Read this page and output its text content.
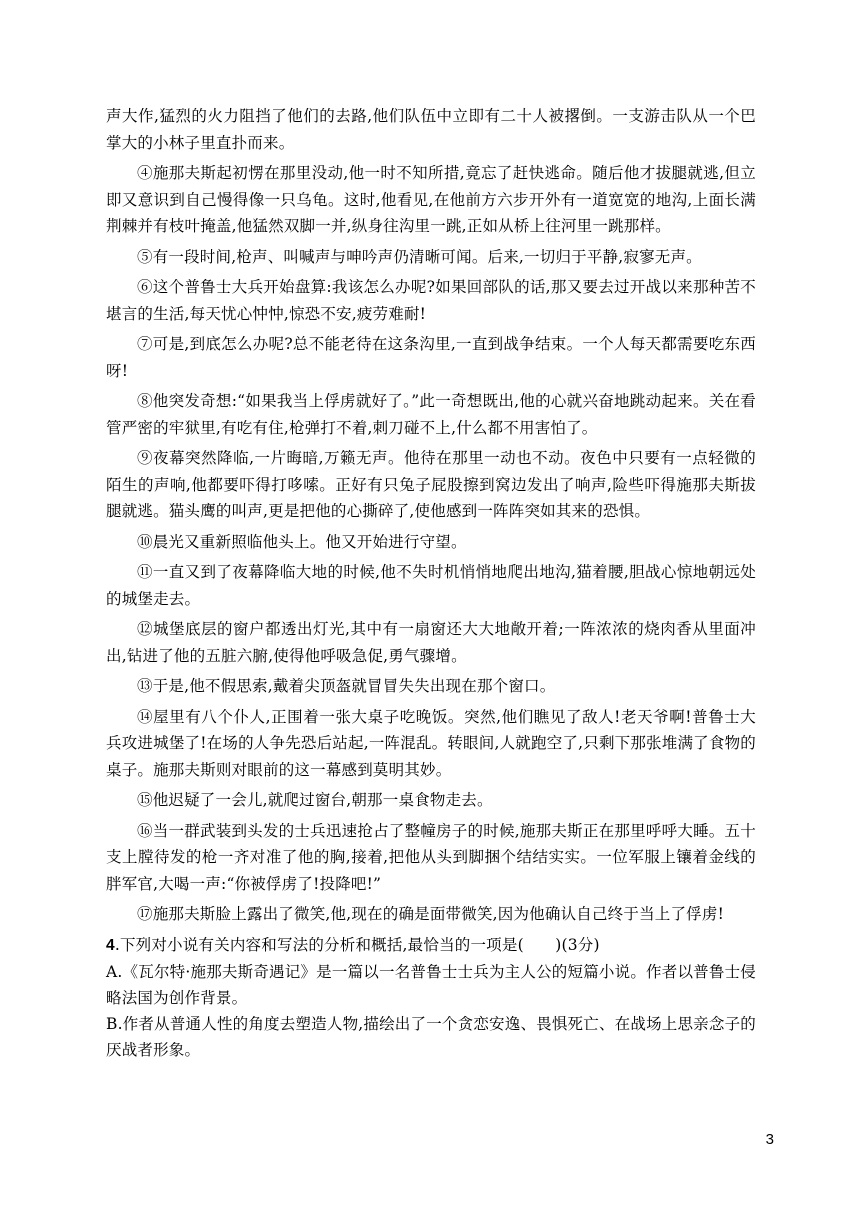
声大作,猛烈的火力阻挡了他们的去路,他们队伍中立即有二十人被撂倒。一支游击队从一个巴掌大的小林子里直扑而来。

④施那夫斯起初愣在那里没动,他一时不知所措,竟忘了赶快逃命。随后他才拔腿就逃,但立即又意识到自己慢得像一只乌龟。这时,他看见,在他前方六步开外有一道宽宽的地沟,上面长满荆棘并有枝叶掩盖,他猛然双脚一并,纵身往沟里一跳,正如从桥上往河里一跳那样。

⑤有一段时间,枪声、叫喊声与呻吟声仍清晰可闻。后来,一切归于平静,寂寥无声。

⑥这个普鲁士大兵开始盘算:我该怎么办呢?如果回部队的话,那又要去过开战以来那种苦不堪言的生活,每天忧心忡忡,惊恐不安,疲劳难耐!

⑦可是,到底怎么办呢?总不能老待在这条沟里,一直到战争结束。一个人每天都需要吃东西呀!

⑧他突发奇想:“如果我当上俘虏就好了。”此一奇想既出,他的心就兴奋地跳动起来。关在看管严密的牢狱里,有吃有住,枪弹打不着,刺刀碰不上,什么都不用害怕了。

⑨夜幕突然降临,一片晦暗,万籁无声。他待在那里一动也不动。夜色中只要有一点轻微的陌生的声响,他都要吓得打哆嗦。正好有只兔子屁股擦到窝边发出了响声,险些吓得施那夫斯拔腿就逃。猫头鹰的叫声,更是把他的心撕碎了,使他感到一阵阵突如其来的恐惧。

⑩晨光又重新照临他头上。他又开始进行守望。

⑪一直又到了夜幕降临大地的时候,他不失时机悄悄地爬出地沟,猫着腰,胆战心惊地朝远处的城堡走去。

⑫城堡底层的窗户都透出灯光,其中有一扇窗还大大地敞开着;一阵浓浓的烧肉香从里面冲出,钻进了他的五脏六腑,使得他呼吸急促,勇气骤增。

⑬于是,他不假思索,戴着尖顶盔就冒冒失失出现在那个窗口。

⑭屋里有八个仆人,正围着一张大桌子吃晚饭。突然,他们瞧见了敌人!老天爷啊!普鲁士大兵攻进城堡了!在场的人争先恐后站起,一阵混乱。转眼间,人就跑空了,只剩下那张堆满了食物的桌子。施那夫斯则对眼前的这一幕感到莫明其妙。

⑮他迟疑了一会儿,就爬过窗台,朝那一桌食物走去。

⑯当一群武装到头发的士兵迅速抢占了整幢房子的时候,施那夫斯正在那里呼呼大睡。五十支上膛待发的枪一齐对准了他的胸,接着,把他从头到脚捆个结结实实。一位军服上镶着金线的胖军官,大喝一声:“你被俘虏了!投降吧!”

⑰施那夫斯脸上露出了微笑,他,现在的确是面带微笑,因为他确认自己终于当上了俘虏!

4.下列对小说有关内容和写法的分析和概括,最恰当的一项是(　　)(3分)

A.《瓦尔特·施那夫斯奇遇记》是一篇以一名普鲁士士兵为主人公的短篇小说。作者以普鲁士侵略法国为创作背景。

B.作者从普通人性的角度去塑造人物,描绘出了一个贪恋安逸、畏惧死亡、在战场上思亲念子的厌战者形象。

3
